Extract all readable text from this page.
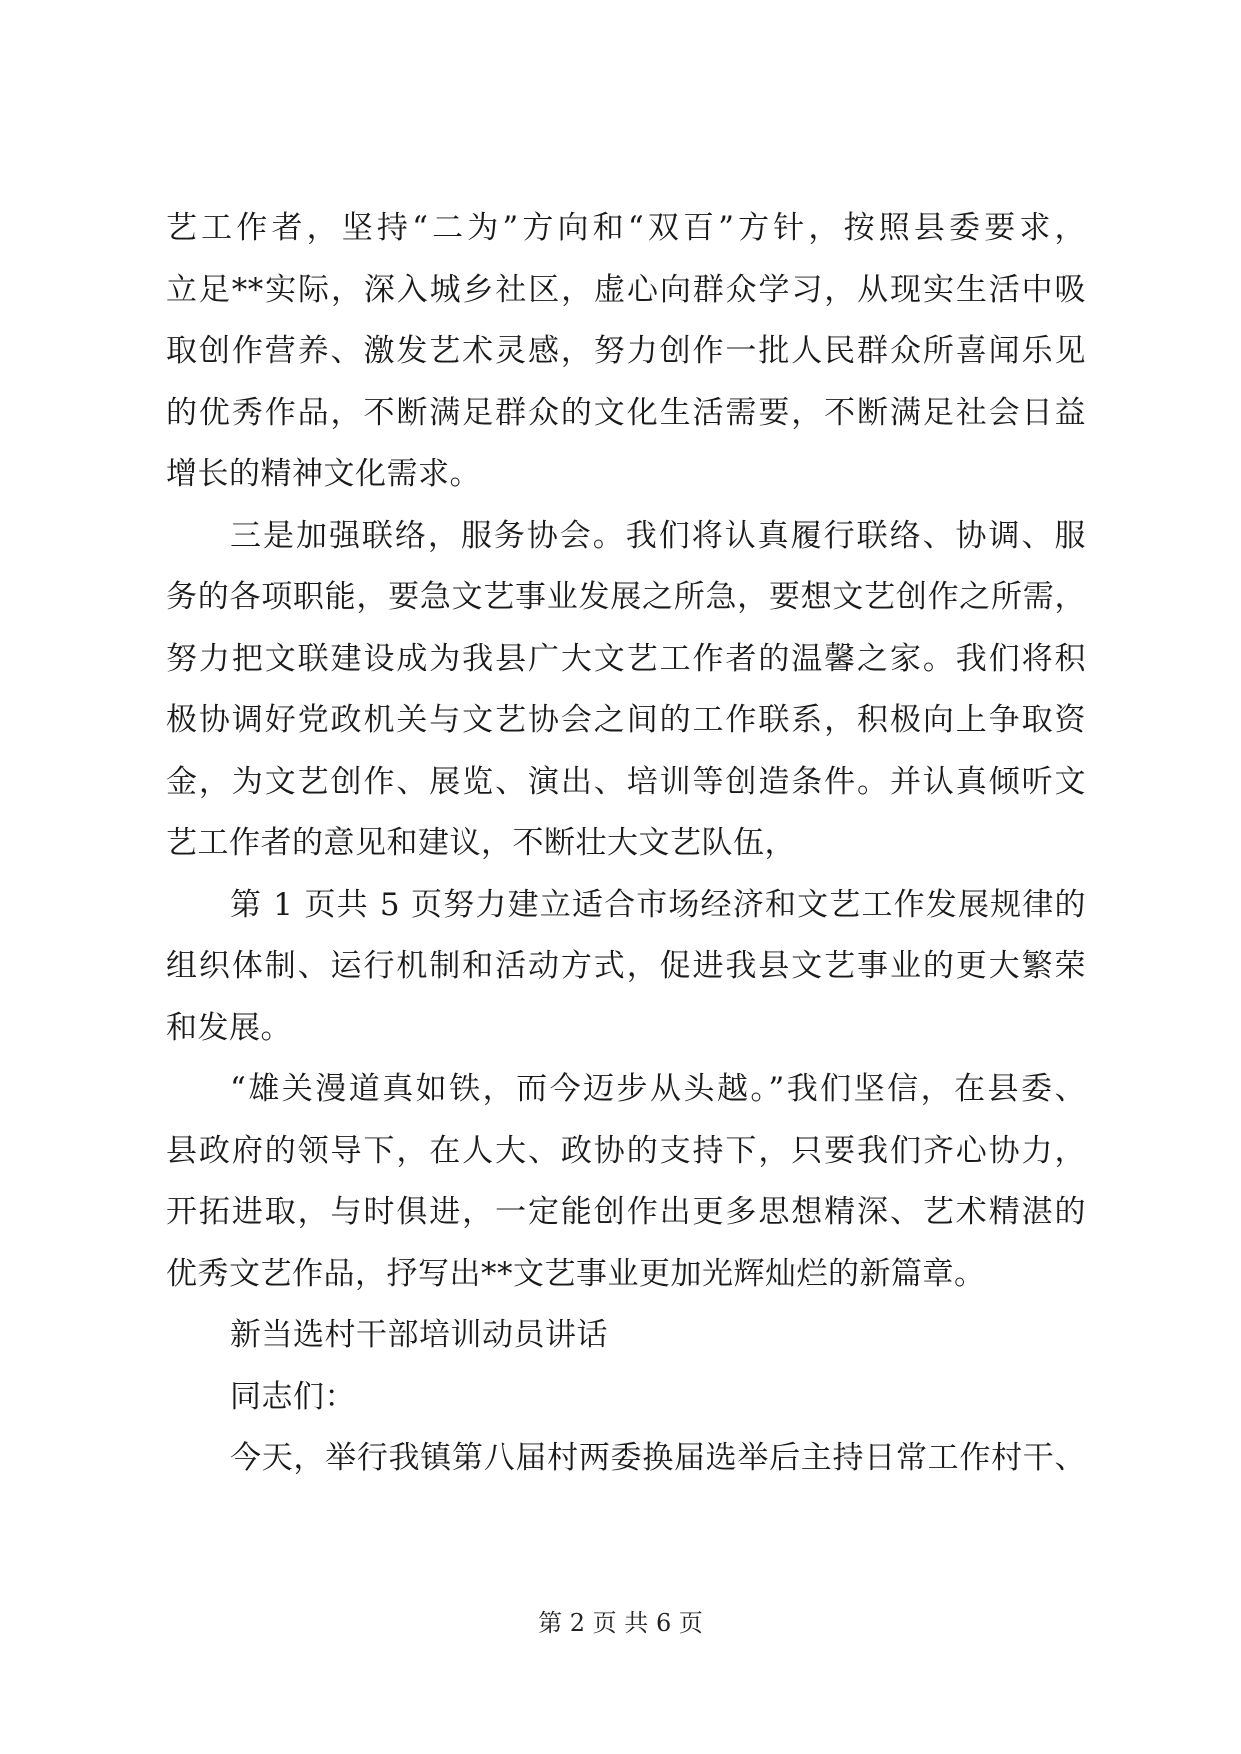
艺工作者，坚持“二为”方向和“双百”方针，按照县委要求，
立足**实际，深入城乡社区，虚心向群众学习，从现实生活中吸
取创作营养、激发艺术灵感，努力创作一批人民群众所喜闻乐见
的优秀作品，不断满足群众的文化生活需要，不断满足社会日益
增长的精神文化需求。
三是加强联络，服务协会。我们将认真履行联络、协调、服
务的各项职能，要急文艺事业发展之所急，要想文艺创作之所需，
努力把文联建设成为我县广大文艺工作者的温馨之家。我们将积
极协调好党政机关与文艺协会之间的工作联系，积极向上争取资
金，为文艺创作、展览、演出、培训等创造条件。并认真倾听文
艺工作者的意见和建议，不断壮大文艺队伍，
第 1 页共 5 页努力建立适合市场经济和文艺工作发展规律的
组织体制、运行机制和活动方式，促进我县文艺事业的更大繁荣
和发展。
“雄关漫道真如铁，而今迈步从头越。”我们坚信，在县委、
县政府的领导下，在人大、政协的支持下，只要我们齐心协力，
开拓进取，与时俱进，一定能创作出更多思想精深、艺术精湛的
优秀文艺作品，抒写出**文艺事业更加光辉灿烂的新篇章。
新当选村干部培训动员讲话
同志们：
今天，举行我镇第八届村两委换届选举后主持日常工作村干、
第 2 页 共 6 页
